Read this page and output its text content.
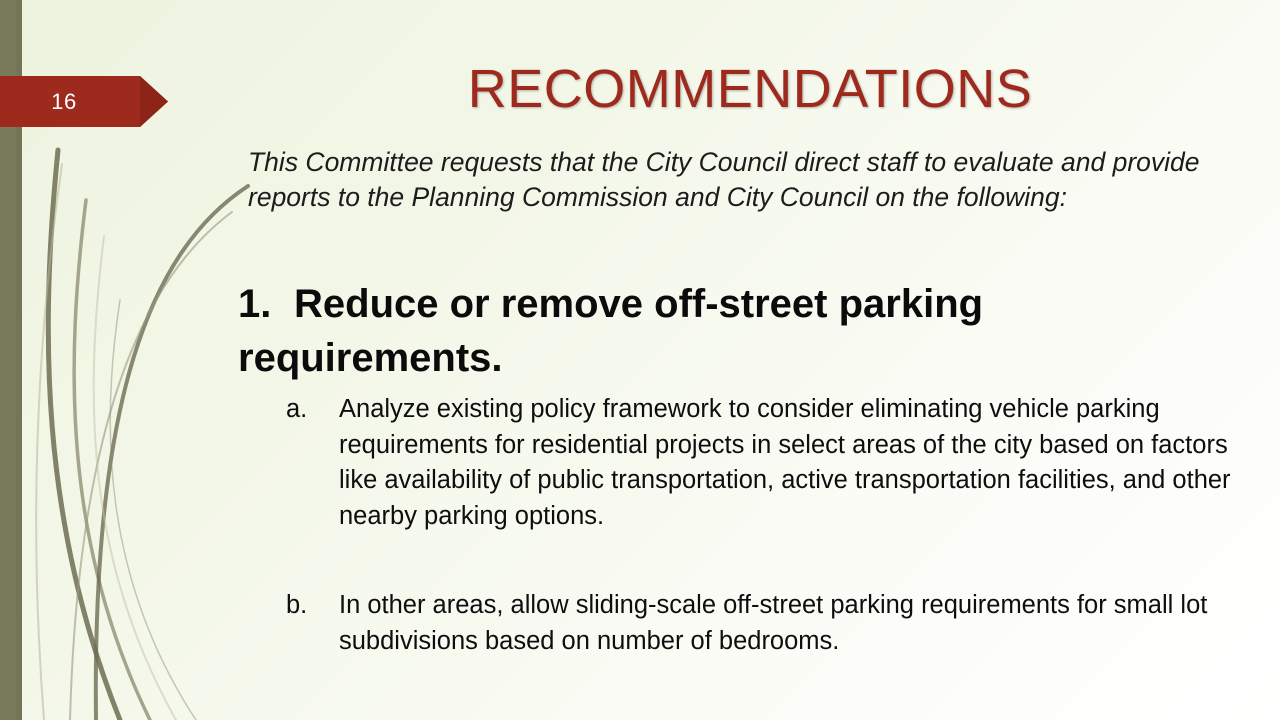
16	RECOMMENDATIONS
This Committee requests that the City Council direct staff to evaluate and provide reports to the Planning Commission and City Council on the following:
1. Reduce or remove off-street parking requirements.
a.	Analyze existing policy framework to consider eliminating vehicle parking requirements for residential projects in select areas of the city based on factors like availability of public transportation, active transportation facilities, and other nearby parking options.
b.	In other areas, allow sliding-scale off-street parking requirements for small lot subdivisions based on number of bedrooms.
